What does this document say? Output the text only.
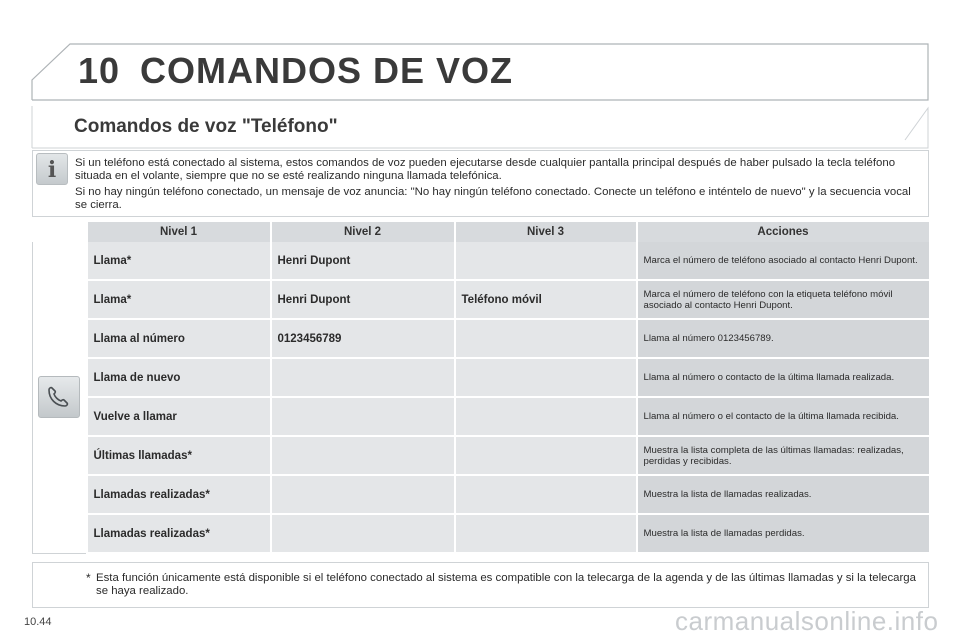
10 COMANDOS DE VOZ
Comandos de voz "Teléfono"
i	Si un teléfono está conectado al sistema, estos comandos de voz pueden ejecutarse desde cualquier pantalla principal después de haber pulsado la tecla teléfono situada en el volante, siempre que no se esté realizando ninguna llamada telefónica.
Si no hay ningún teléfono conectado, un mensaje de voz anuncia: "No hay ningún teléfono conectado. Conecte un teléfono e inténtelo de nuevo" y la secuencia vocal se cierra.
	Nivel 1	Nivel 2	Nivel 3	Acciones

	Llama*	Henri Dupont		Marca el número de teléfono asociado al contacto Henri Dupont.
	Llama*	Henri Dupont	Teléfono móvil	Marca el número de teléfono con la etiqueta teléfono móvil asociado al contacto Henri Dupont.
	Llama al número	0123456789		Llama al número 0123456789.
	Llama de nuevo			Llama al número o contacto de la última llamada realizada.
	Vuelve a llamar			Llama al número o el contacto de la última llamada recibida.
	Últimas llamadas*			Muestra la lista completa de las últimas llamadas: realizadas, perdidas y recibidas.
	Llamadas realizadas*			Muestra la lista de llamadas realizadas.
	Llamadas realizadas*			Muestra la lista de llamadas perdidas.
* Esta función únicamente está disponible si el teléfono conectado al sistema es compatible con la telecarga de la agenda y de las últimas llamadas y si la telecarga se haya realizado.
10.44	carmanualsonline.info
